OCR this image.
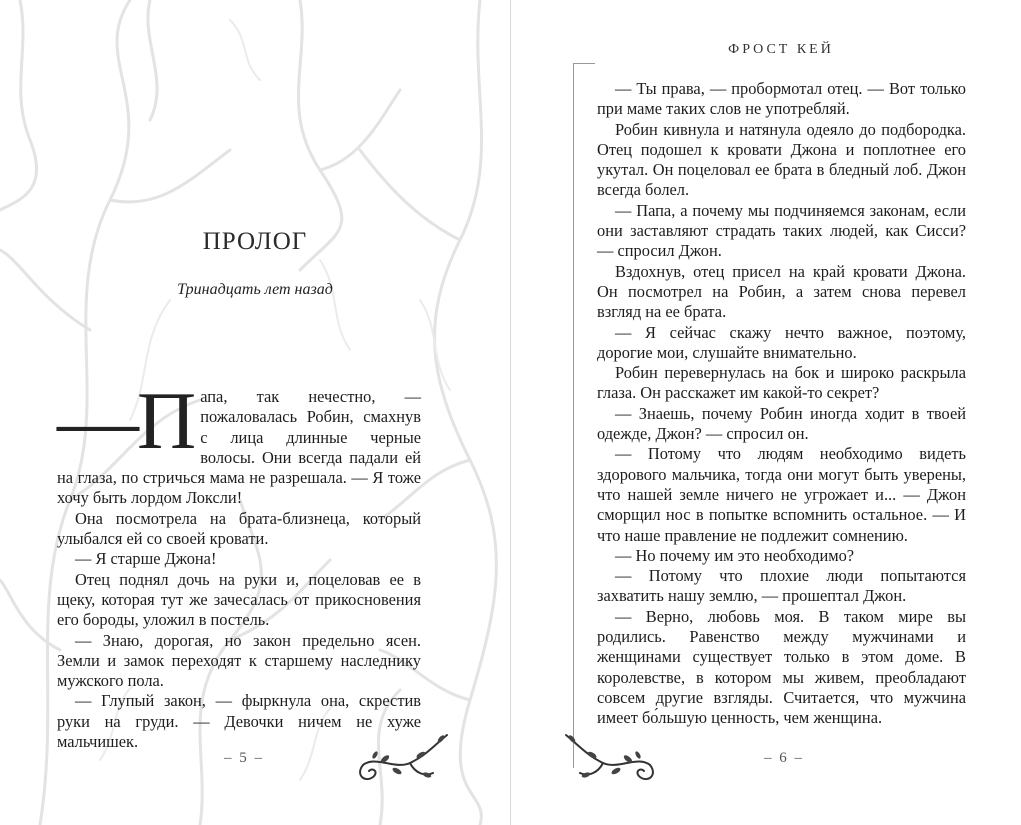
ПРОЛОГ
Тринадцать лет назад

—П апа, так нечестно, — пожаловалась Робин, смахнув с лица длинные черные волосы. Они всегда падали ей на глаза, по стричься мама не разрешала. — Я тоже хочу быть лордом Локсли!

Она посмотрела на брата-близнеца, который улыбался ей со своей кровати.

— Я старше Джона!

Отец поднял дочь на руки и, поцеловав ее в щеку, которая тут же зачесалась от прикосновения его бороды, уложил в постель.

— Знаю, дорогая, но закон предельно ясен. Земли и замок переходят к старшему наследнику мужского пола.

— Глупый закон, — фыркнула она, скрестив руки на груди. — Девочки ничем не хуже мальчишек.

– 5 –
ФРОСТ КЕЙ

— Ты права, — пробормотал отец. — Вот только при маме таких слов не употребляй.

Робин кивнула и натянула одеяло до подбородка. Отец подошел к кровати Джона и поплотнее его укутал. Он поцеловал ее брата в бледный лоб. Джон всегда болел.

— Папа, а почему мы подчиняемся законам, если они заставляют страдать таких людей, как Сисси? — спросил Джон.

Вздохнув, отец присел на край кровати Джона. Он посмотрел на Робин, а затем снова перевел взгляд на ее брата.

— Я сейчас скажу нечто важное, поэтому, дорогие мои, слушайте внимательно.

Робин перевернулась на бок и широко раскрыла глаза. Он расскажет им какой-то секрет?

— Знаешь, почему Робин иногда ходит в твоей одежде, Джон? — спросил он.

— Потому что людям необходимо видеть здорового мальчика, тогда они могут быть уверены, что нашей земле ничего не угрожает и... — Джон сморщил нос в попытке вспомнить остальное. — И что наше правление не подлежит сомнению.

— Но почему им это необходимо?

— Потому что плохие люди попытаются захватить нашу землю, — прошептал Джон.

— Верно, любовь моя. В таком мире вы родились. Равенство между мужчинами и женщинами существует только в этом доме. В королевстве, в котором мы живем, преобладают совсем другие взгляды. Считается, что мужчина имеет бо́льшую ценность, чем женщина.

– 6 –
